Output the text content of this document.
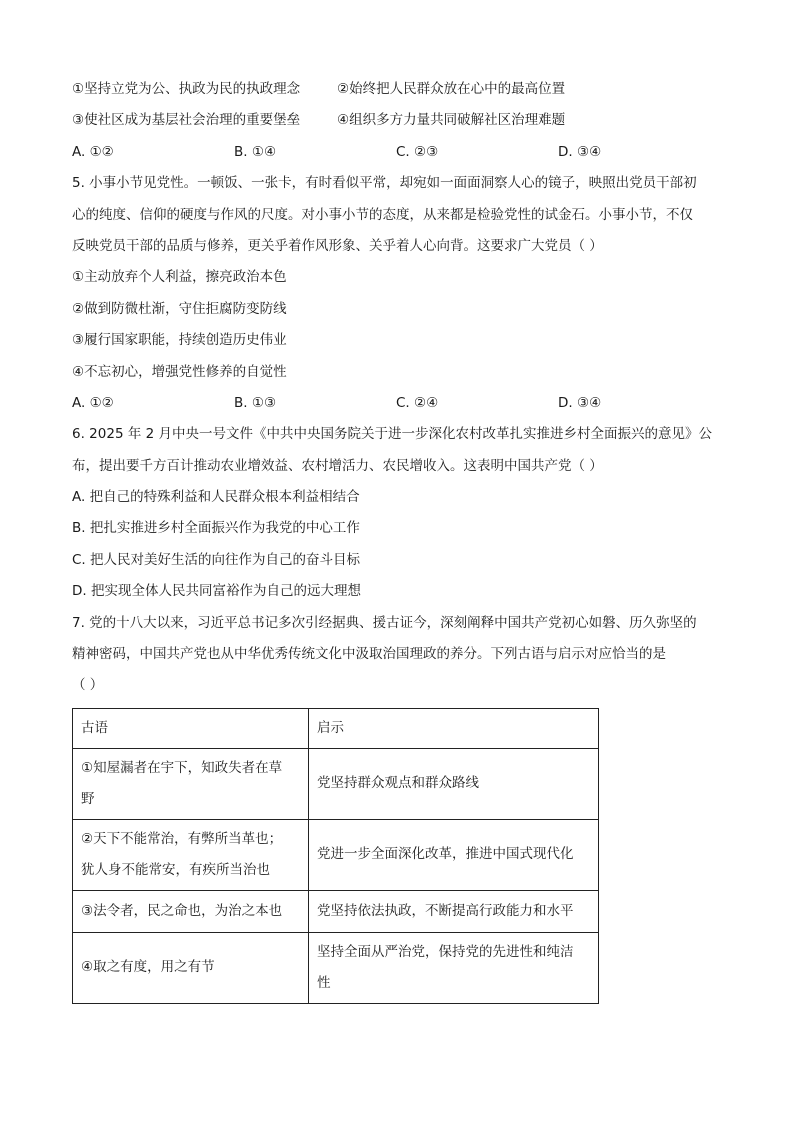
①坚持立党为公、执政为民的执政理念	②始终把人民群众放在心中的最高位置
③使社区成为基层社会治理的重要堡垒	④组织多方力量共同破解社区治理难题
A. ①②	B. ①④	C. ②③	D. ③④
5. 小事小节见党性。一顿饭、一张卡，有时看似平常，却宛如一面面洞察人心的镜子，映照出党员干部初
心的纯度、信仰的硬度与作风的尺度。对小事小节的态度，从来都是检验党性的试金石。小事小节，不仅
反映党员干部的品质与修养，更关乎着作风形象、关乎着人心向背。这要求广大党员（ ）
①主动放弃个人利益，擦亮政治本色
②做到防微杜渐，守住拒腐防变防线
③履行国家职能，持续创造历史伟业
④不忘初心，增强党性修养的自觉性
A. ①②	B. ①③	C. ②④	D. ③④
6. 2025 年 2 月中央一号文件《中共中央国务院关于进一步深化农村改革扎实推进乡村全面振兴的意见》公
布，提出要千方百计推动农业增效益、农村增活力、农民增收入。这表明中国共产党（ ）
A. 把自己的特殊利益和人民群众根本利益相结合
B. 把扎实推进乡村全面振兴作为我党的中心工作
C. 把人民对美好生活的向往作为自己的奋斗目标
D. 把实现全体人民共同富裕作为自己的远大理想
7. 党的十八大以来，习近平总书记多次引经据典、援古证今，深刻阐释中国共产党初心如磐、历久弥坚的
精神密码，中国共产党也从中华优秀传统文化中汲取治国理政的养分。下列古语与启示对应恰当的是
（ ）
古语	启示

①知屋漏者在宇下，知政失者在草
野	党坚持群众观点和群众路线

②天下不能常治，有弊所当革也；
犹人身不能常安，有疾所当治也	党进一步全面深化改革，推进中国式现代化

③法令者，民之命也，为治之本也	党坚持依法执政，不断提高行政能力和水平

④取之有度，用之有节	坚持全面从严治党，保持党的先进性和纯洁
性
